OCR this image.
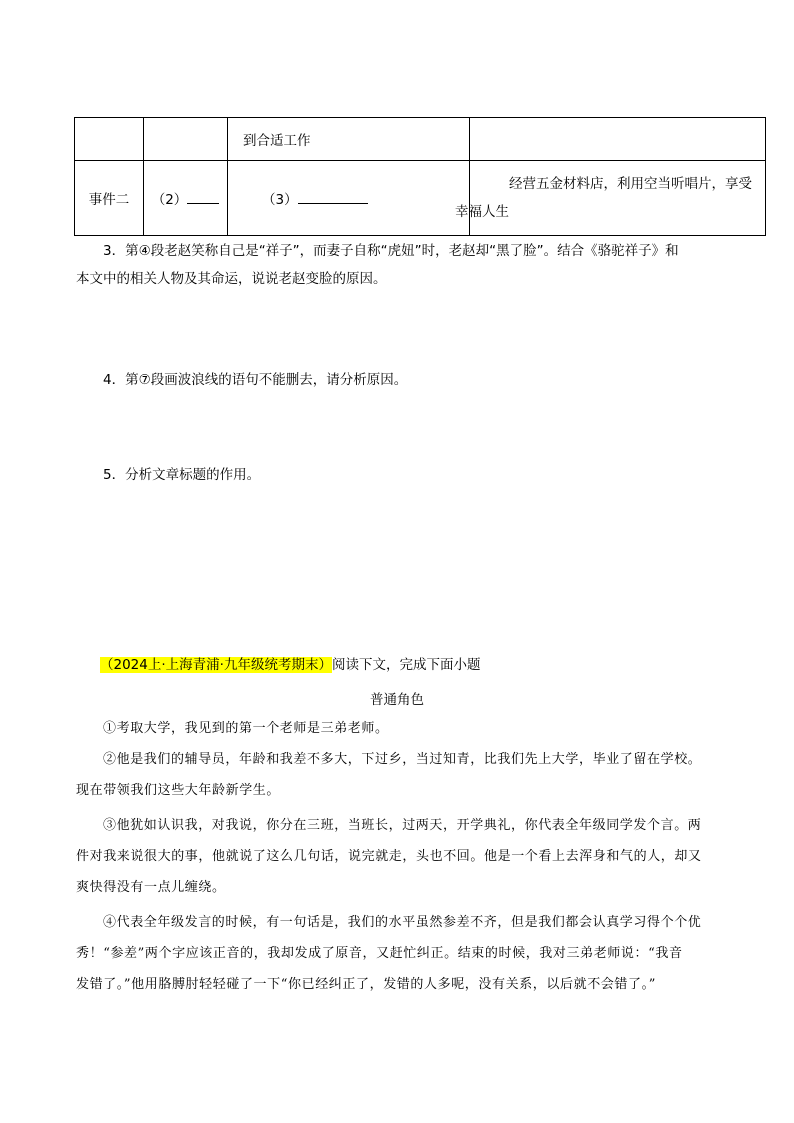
		到合适工作	
事件二	（2）	（3）	经营五金材料店，利用空当听唱片，享受
幸福人生
3．第④段老赵笑称自己是“祥子”，而妻子自称“虎妞”时，老赵却“黑了脸”。结合《骆驼祥子》和
本文中的相关人物及其命运，说说老赵变脸的原因。
4．第⑦段画波浪线的语句不能删去，请分析原因。
5．分析文章标题的作用。
（2024上·上海青浦·九年级统考期末）阅读下文，完成下面小题
普通角色
①考取大学，我见到的第一个老师是三弟老师。
②他是我们的辅导员，年龄和我差不多大，下过乡，当过知青，比我们先上大学，毕业了留在学校。
现在带领我们这些大年龄新学生。
③他犹如认识我，对我说，你分在三班，当班长，过两天，开学典礼，你代表全年级同学发个言。两
件对我来说很大的事，他就说了这么几句话，说完就走，头也不回。他是一个看上去浑身和气的人，却又
爽快得没有一点儿缠绕。
④代表全年级发言的时候，有一句话是，我们的水平虽然参差不齐，但是我们都会认真学习得个个优
秀！“参差”两个字应该正音的，我却发成了原音，又赶忙纠正。结束的时候，我对三弟老师说：“我音
发错了。”他用胳膊肘轻轻碰了一下“你已经纠正了，发错的人多呢，没有关系，以后就不会错了。”
